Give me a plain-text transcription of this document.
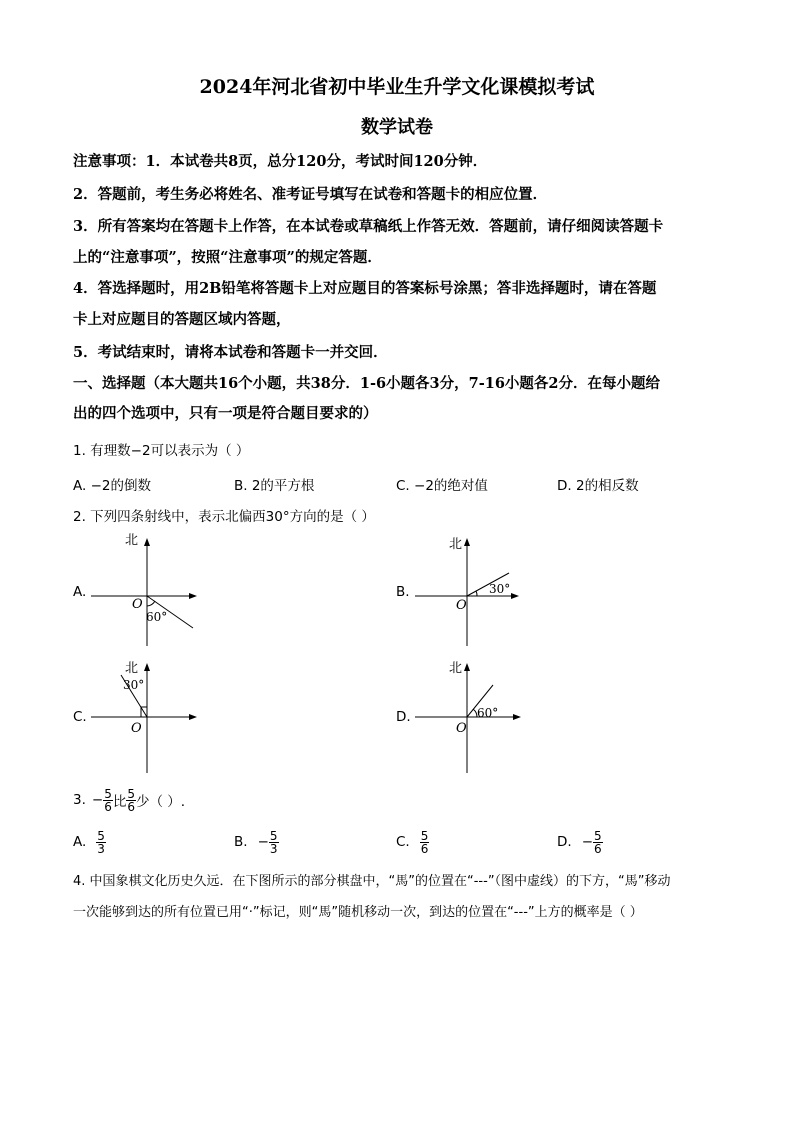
2024年河北省初中毕业生升学文化课模拟考试
数学试卷
注意事项：1．本试卷共8页，总分120分，考试时间120分钟．
2．答题前，考生务必将姓名、准考证号填写在试卷和答题卡的相应位置．
3．所有答案均在答题卡上作答，在本试卷或草稿纸上作答无效．答题前，请仔细阅读答题卡
上的“注意事项”，按照“注意事项”的规定答题．
4．答选择题时，用2B铅笔将答题卡上对应题目的答案标号涂黑；答非选择题时，请在答题
卡上对应题目的答题区域内答题，
5．考试结束时，请将本试卷和答题卡一并交回．
一、选择题（本大题共16个小题，共38分．1-6小题各3分，7-16小题各2分．在每小题给
出的四个选项中，只有一项是符合题目要求的）
1. 有理数−2可以表示为（ ）
A. −2的倒数	B. 2的平方根	C. −2的绝对值	D. 2的相反数
2. 下列四条射线中，表示北偏西30°方向的是（ ）
A.
北
O
60°
B.
北
O
30°
C.
北
O
30°
D.
北
O
60°
3. − $\frac{5}{6}$ 比 $\frac{5}{6}$ 少（ ）.
A. $\frac{5}{3}$	B. − $\frac{5}{3}$	C. $\frac{5}{6}$	D. − $\frac{5}{6}$
4. 中国象棋文化历史久远．在下图所示的部分棋盘中，“馬”的位置在“---”（图中虚线）的下方，“馬”移动
一次能够到达的所有位置已用“·”标记，则“馬”随机移动一次，到达的位置在“---”上方的概率是（ ）
